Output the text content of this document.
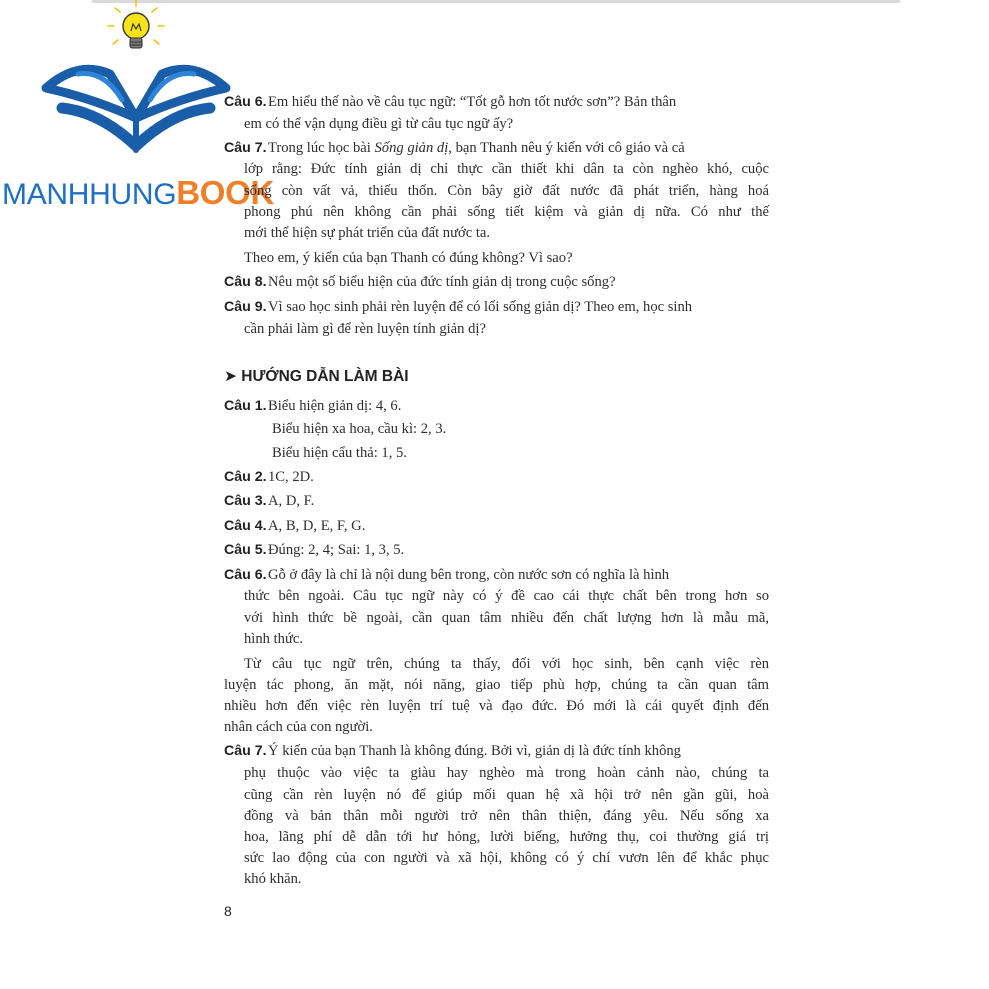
MANHHUNGBOOK
Câu 6.Em hiểu thế nào về câu tục ngữ: “Tốt gỗ hơn tốt nước sơn”? Bản thân
em có thể vận dụng điều gì từ câu tục ngữ ấy?
Câu 7.Trong lúc học bài Sống giản dị, bạn Thanh nêu ý kiến với cô giáo và cả
lớp rằng: Đức tính giản dị chỉ thực cần thiết khi dân ta còn nghèo khó, cuộc
sống còn vất vả, thiếu thốn. Còn bây giờ đất nước đã phát triển, hàng hoá
phong phú nên không cần phải sống tiết kiệm và giản dị nữa. Có như thế
mới thể hiện sự phát triển của đất nước ta.
Theo em, ý kiến của bạn Thanh có đúng không? Vì sao?
Câu 8.Nêu một số biểu hiện của đức tính giản dị trong cuộc sống?
Câu 9.Vì sao học sinh phải rèn luyện để có lối sống giản dị? Theo em, học sinh
cần phải làm gì để rèn luyện tính giản dị?
➤ HƯỚNG DẪN LÀM BÀI
Câu 1.Biểu hiện giản dị: 4, 6.
Biểu hiện xa hoa, cầu kì: 2, 3.
Biểu hiện cẩu thả: 1, 5.
Câu 2.1C, 2D.
Câu 3.A, D, F.
Câu 4.A, B, D, E, F, G.
Câu 5.Đúng: 2, 4; Sai: 1, 3, 5.
Câu 6.Gỗ ở đây là chỉ là nội dung bên trong, còn nước sơn có nghĩa là hình
thức bên ngoài. Câu tục ngữ này có ý đề cao cái thực chất bên trong hơn so
với hình thức bề ngoài, cần quan tâm nhiều đến chất lượng hơn là mẫu mã,
hình thức.
Từ câu tục ngữ trên, chúng ta thấy, đối với học sinh, bên cạnh việc rèn
luyện tác phong, ăn mặt, nói năng, giao tiếp phù hợp, chúng ta cần quan tâm
nhiều hơn đến việc rèn luyện trí tuệ và đạo đức. Đó mới là cái quyết định đến
nhân cách của con người.
Câu 7.Ý kiến của bạn Thanh là không đúng. Bởi vì, giản dị là đức tính không
phụ thuộc vào việc ta giàu hay nghèo mà trong hoàn cảnh nào, chúng ta
cũng cần rèn luyện nó để giúp mối quan hệ xã hội trở nên gần gũi, hoà
đồng và bản thân mỗi người trở nên thân thiện, đáng yêu. Nếu sống xa
hoa, lãng phí dễ dẫn tới hư hỏng, lười biếng, hưởng thụ, coi thường giá trị
sức lao động của con người và xã hội, không có ý chí vươn lên để khắc phục
khó khăn.
8
